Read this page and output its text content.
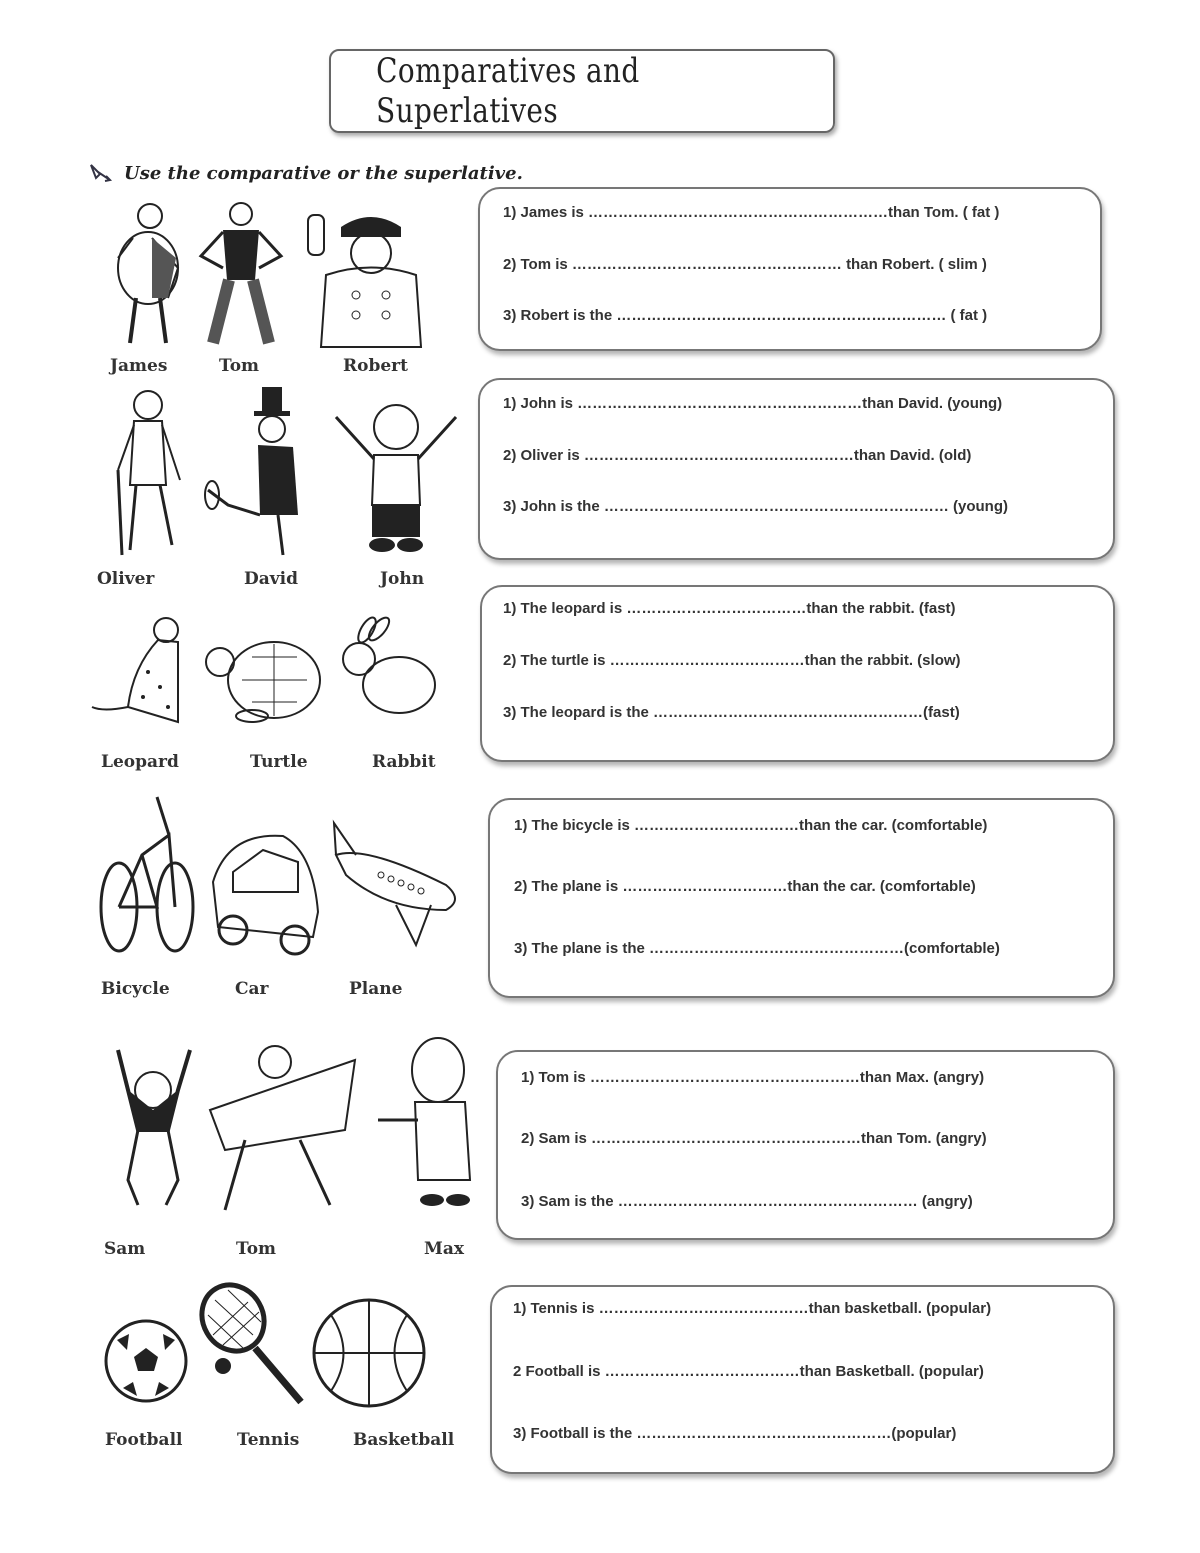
Comparatives and Superlatives
Use the comparative or the superlative.
James	Tom	Robert
1) James is ……………………………………………………than Tom. ( fat )
2) Tom is ……………………………………………… than Robert. ( slim )
3) Robert is the ………………………………………………………… ( fat )
Oliver	David	John
1) John is …………………………………………………than David. (young)
2) Oliver is ………………………………………………than David. (old)
3) John is the …………………………………………………………… (young)
Leopard	Turtle	Rabbit
1) The leopard is ………………………………than the rabbit. (fast)
2) The turtle is …………………………………than the rabbit. (slow)
3) The leopard is the ………………………………………………(fast)
Bicycle	Car	Plane
1) The bicycle is ……………………………than the car. (comfortable)
2) The plane is ……………………………than the car. (comfortable)
3) The plane is the ……………………………………………(comfortable)
Sam	Tom	Max
1) Tom is ………………………………………………than Max. (angry)
2) Sam is ………………………………………………than Tom. (angry)
3) Sam is the …………………………………………………… (angry)
Football	Tennis	Basketball
1) Tennis is ……………………………………than basketball. (popular)
2 Football is …………………………………than Basketball. (popular)
3) Football is the ……………………………………………(popular)
